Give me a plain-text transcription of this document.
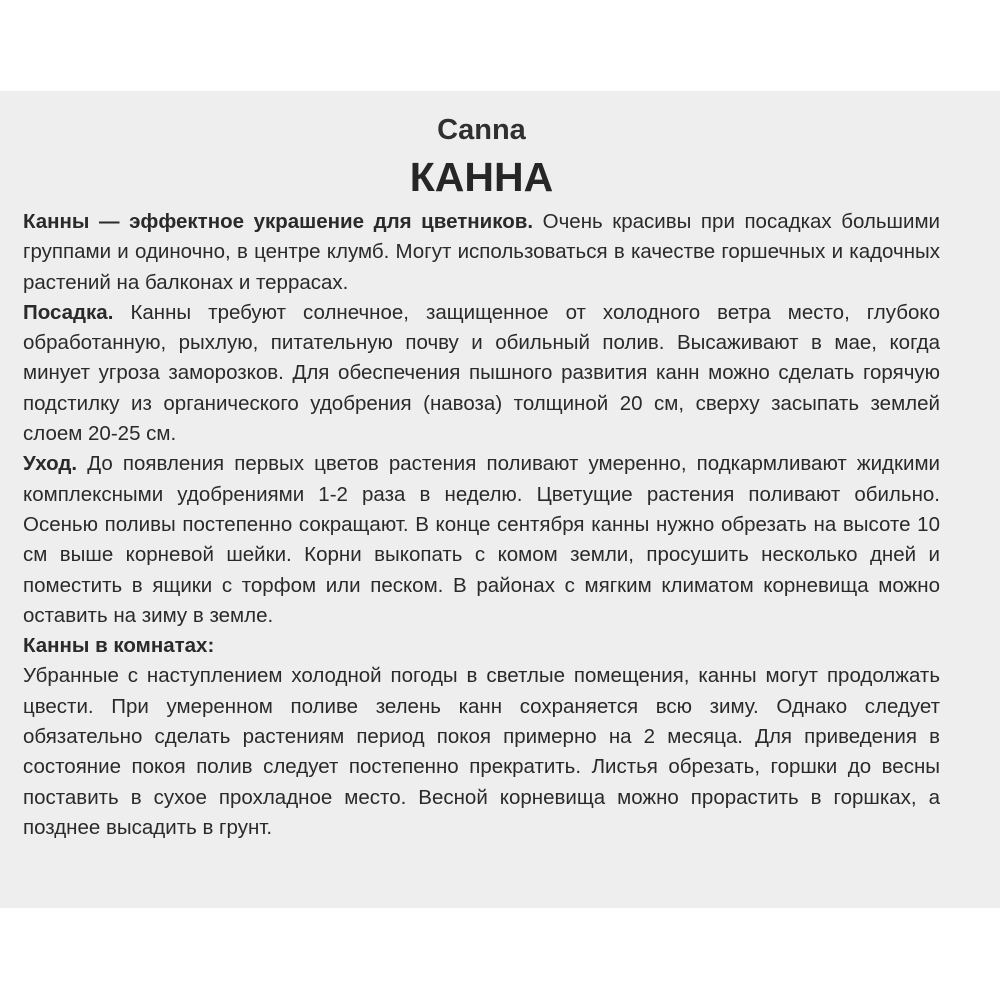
Canna
КАННА

Канны — эффектное украшение для цветников. Очень красивы при посадках большими группами и одиночно, в центре клумб. Могут использоваться в качестве горшечных и кадочных растений на балконах и террасах.

Посадка. Канны требуют солнечное, защищенное от холодного ветра место, глубоко обработанную, рыхлую, питательную почву и обильный полив. Высаживают в мае, когда минует угроза заморозков. Для обеспечения пышного развития канн можно сделать горячую подстилку из органического удобрения (навоза) толщиной 20 см, сверху засыпать землей слоем 20-25 см.

Уход. До появления первых цветов растения поливают умеренно, подкармливают жидкими комплексными удобрениями 1-2 раза в неделю. Цветущие растения поливают обильно. Осенью поливы постепенно сокращают. В конце сентября канны нужно обрезать на высоте 10 см выше корневой шейки. Корни выкопать с комом земли, просушить несколько дней и поместить в ящики с торфом или песком. В районах с мягким климатом корневища можно оставить на зиму в земле.

Канны в комнатах:

Убранные с наступлением холодной погоды в светлые помещения, канны могут продолжать цвести. При умеренном поливе зелень канн сохраняется всю зиму. Однако следует обязательно сделать растениям период покоя примерно на 2 месяца. Для приведения в состояние покоя полив следует постепенно прекратить. Листья обрезать, горшки до весны поставить в сухое прохладное место. Весной корневища можно прорастить в горшках, а позднее высадить в грунт.
